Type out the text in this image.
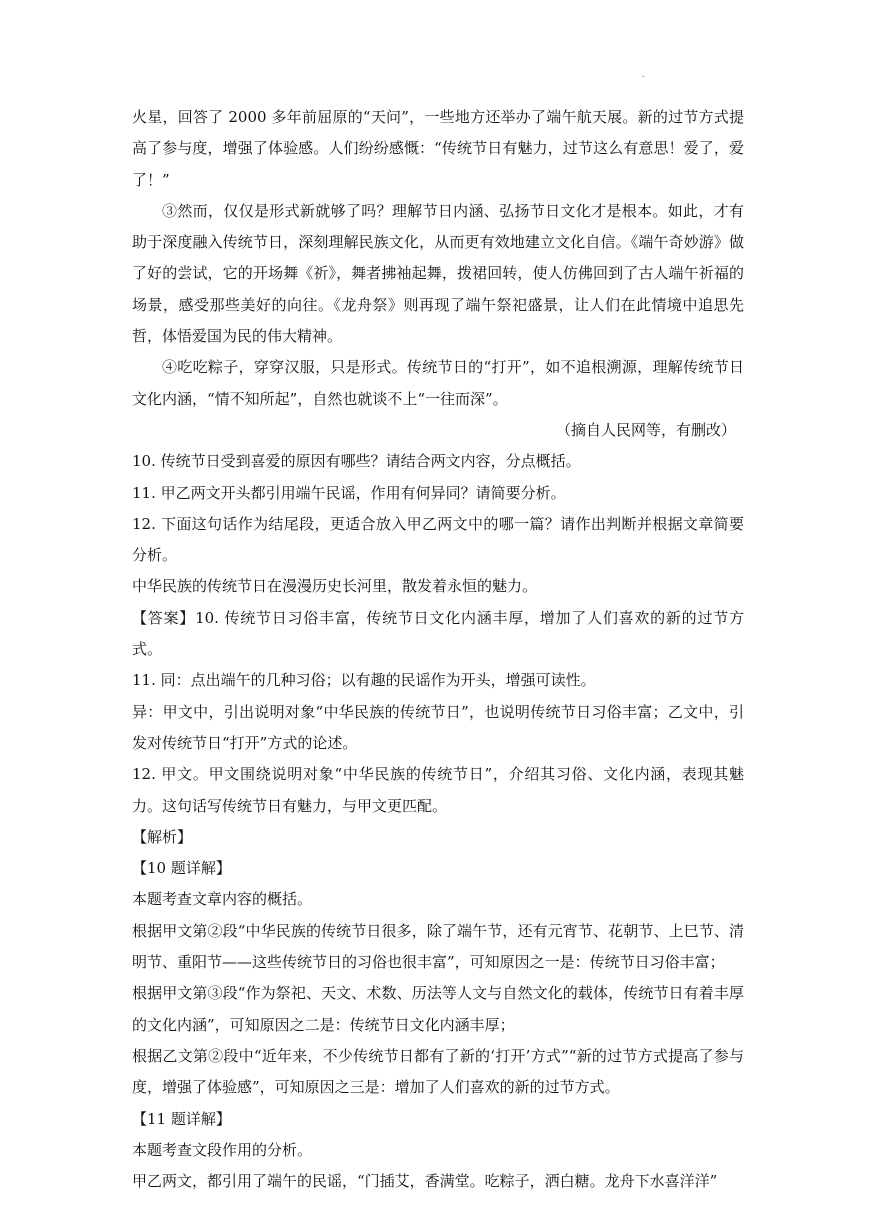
.

火星，回答了 2000 多年前屈原的“天问”，一些地方还举办了端午航天展。新的过节方式提高了参与度，增强了体验感。人们纷纷感慨：“传统节日有魅力，过节这么有意思！爱了，爱了！”

③然而，仅仅是形式新就够了吗？理解节日内涵、弘扬节日文化才是根本。如此，才有助于深度融入传统节日，深刻理解民族文化，从而更有效地建立文化自信。《端午奇妙游》做了好的尝试，它的开场舞《祈》，舞者拂袖起舞，拨裙回转，使人仿佛回到了古人端午祈福的场景，感受那些美好的向往。《龙舟祭》则再现了端午祭祀盛景，让人们在此情境中追思先哲，体悟爱国为民的伟大精神。

④吃吃粽子，穿穿汉服，只是形式。传统节日的“打开”，如不追根溯源，理解传统节日文化内涵，“情不知所起”，自然也就谈不上“一往而深”。

（摘自人民网等，有删改）

10. 传统节日受到喜爱的原因有哪些？请结合两文内容，分点概括。

11. 甲乙两文开头都引用端午民谣，作用有何异同？请简要分析。

12. 下面这句话作为结尾段，更适合放入甲乙两文中的哪一篇？请作出判断并根据文章简要分析。

中华民族的传统节日在漫漫历史长河里，散发着永恒的魅力。

【答案】10. 传统节日习俗丰富，传统节日文化内涵丰厚，增加了人们喜欢的新的过节方式。

11. 同：点出端午的几种习俗；以有趣的民谣作为开头，增强可读性。

异：甲文中，引出说明对象“中华民族的传统节日”，也说明传统节日习俗丰富；乙文中，引发对传统节日“打开”方式的论述。

12. 甲文。甲文围绕说明对象“中华民族的传统节日”，介绍其习俗、文化内涵，表现其魅力。这句话写传统节日有魅力，与甲文更匹配。

【解析】

【10 题详解】

本题考查文章内容的概括。

根据甲文第②段“中华民族的传统节日很多，除了端午节，还有元宵节、花朝节、上巳节、清明节、重阳节——这些传统节日的习俗也很丰富”，可知原因之一是：传统节日习俗丰富；

根据甲文第③段“作为祭祀、天文、术数、历法等人文与自然文化的载体，传统节日有着丰厚的文化内涵”，可知原因之二是：传统节日文化内涵丰厚；

根据乙文第②段中“近年来，不少传统节日都有了新的‘打开’方式”“新的过节方式提高了参与度，增强了体验感”，可知原因之三是：增加了人们喜欢的新的过节方式。

【11 题详解】

本题考查文段作用的分析。

甲乙两文，都引用了端午的民谣，“门插艾，香满堂。吃粽子，洒白糖。龙舟下水喜洋洋”
